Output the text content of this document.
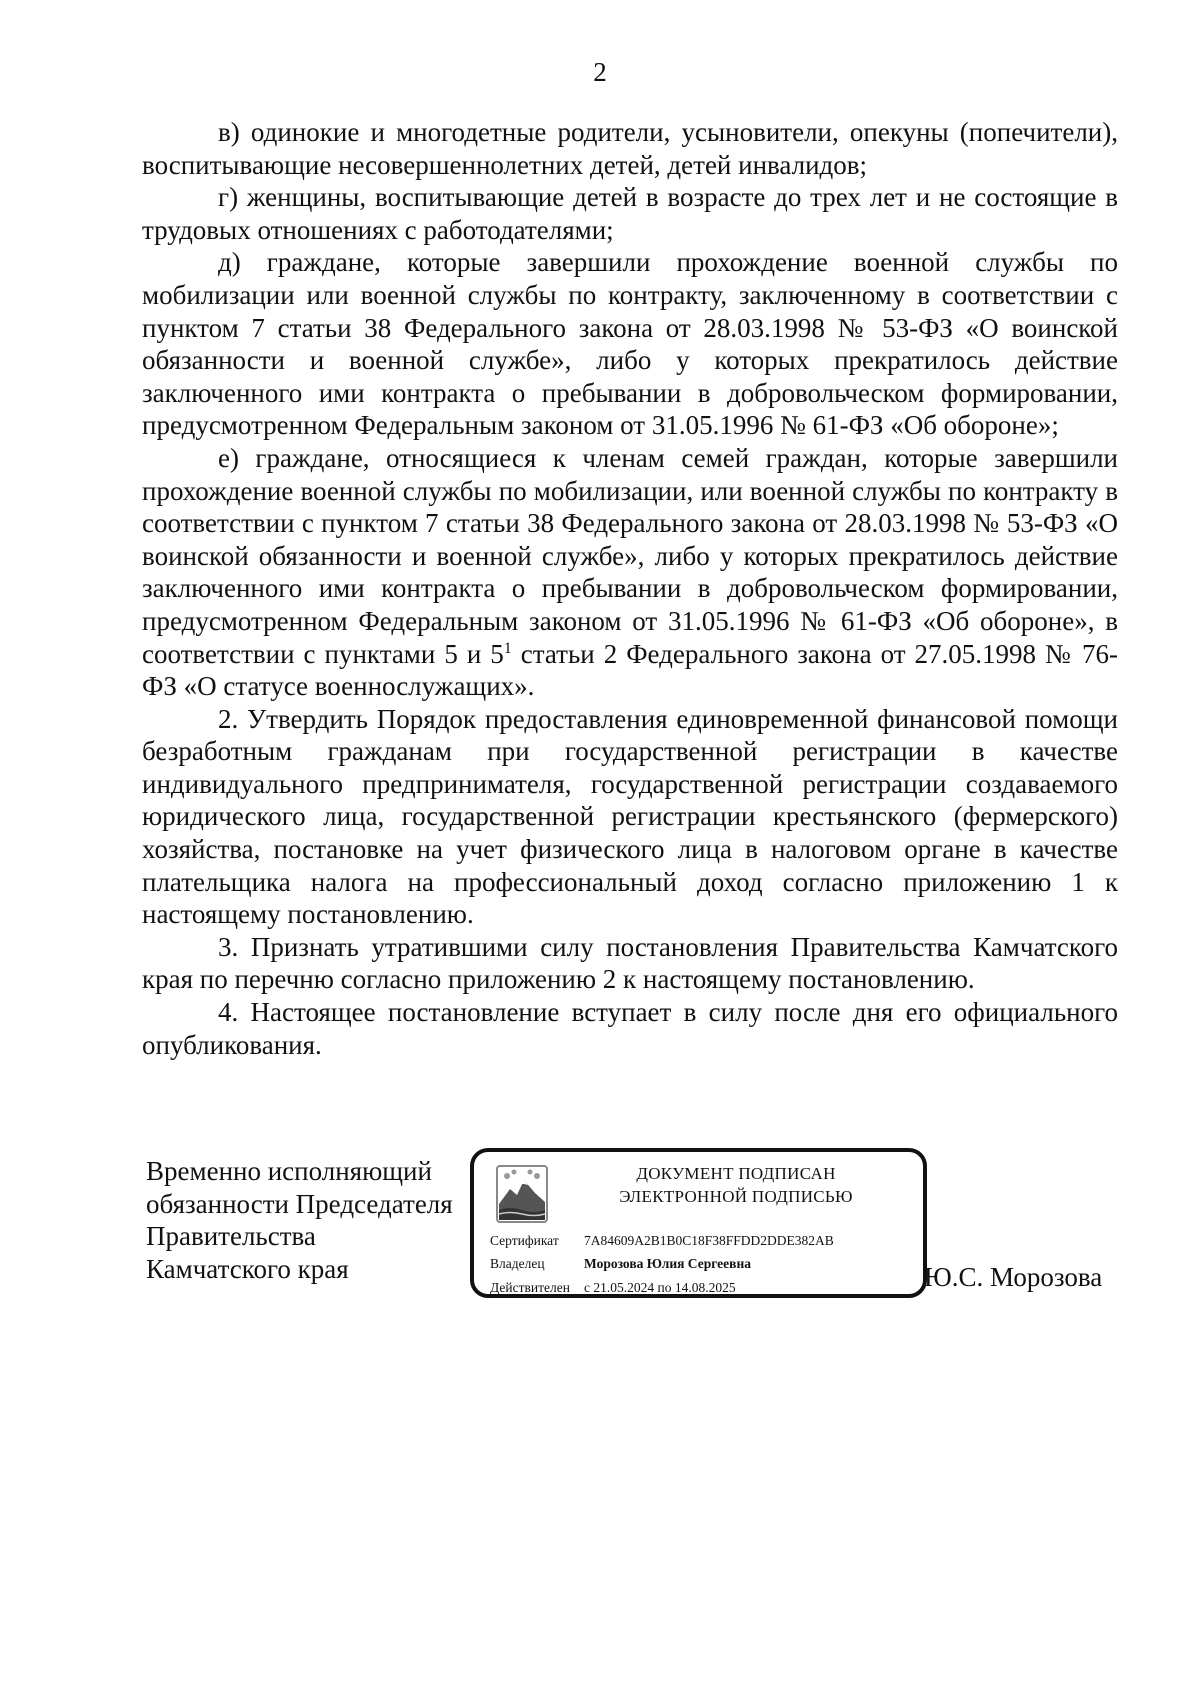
2

в) одинокие и многодетные родители, усыновители, опекуны (попечители), воспитывающие несовершеннолетних детей, детей инвалидов;

г) женщины, воспитывающие детей в возрасте до трех лет и не состоящие в трудовых отношениях с работодателями;

д) граждане, которые завершили прохождение военной службы по мобилизации или военной службы по контракту, заключенному в соответствии с пунктом 7 статьи 38 Федерального закона от 28.03.1998 № 53-ФЗ «О воинской обязанности и военной службе», либо у которых прекратилось действие заключенного ими контракта о пребывании в добровольческом формировании, предусмотренном Федеральным законом от 31.05.1996 № 61-ФЗ «Об обороне»;

е) граждане, относящиеся к членам семей граждан, которые завершили прохождение военной службы по мобилизации, или военной службы по контракту в соответствии с пунктом 7 статьи 38 Федерального закона от 28.03.1998 № 53-ФЗ «О воинской обязанности и военной службе», либо у которых прекратилось действие заключенного ими контракта о пребывании в добровольческом формировании, предусмотренном Федеральным законом от 31.05.1996 № 61-ФЗ «Об обороне», в соответствии с пунктами 5 и $5^1$ статьи 2 Федерального закона от 27.05.1998 № 76-ФЗ «О статусе военнослужащих».

2. Утвердить Порядок предоставления единовременной финансовой помощи безработным гражданам при государственной регистрации в качестве индивидуального предпринимателя, государственной регистрации создаваемого юридического лица, государственной регистрации крестьянского (фермерского) хозяйства, постановке на учет физического лица в налоговом органе в качестве плательщика налога на профессиональный доход согласно приложению 1 к настоящему постановлению.

3. Признать утратившими силу постановления Правительства Камчатского края по перечню согласно приложению 2 к настоящему постановлению.

4. Настоящее постановление вступает в силу после дня его официального опубликования.

Временно исполняющий
обязанности Председателя
Правительства
Камчатского края
ДОКУМЕНТ ПОДПИСАН
ЭЛЕКТРОННОЙ ПОДПИСЬЮ
Сертификат 7A84609A2B1B0C18F38FFDD2DDE382AB
Владелец	Морозова Юлия Сергеевна
Действителен с 21.05.2024 по 14.08.2025	Ю.С. Морозова
